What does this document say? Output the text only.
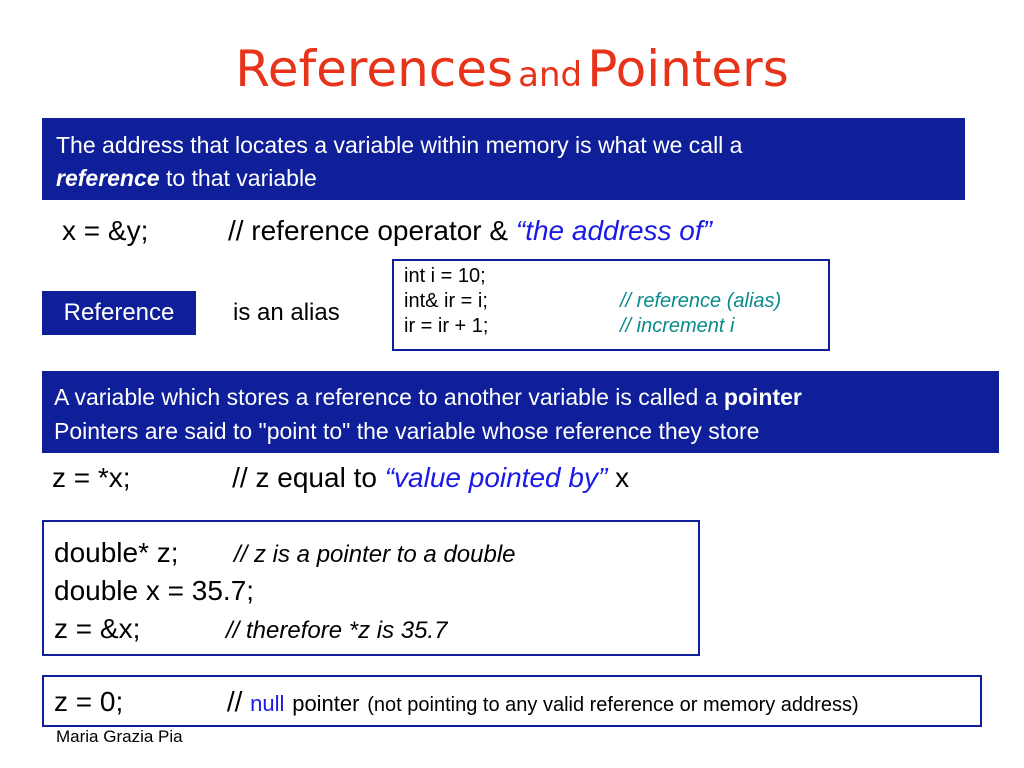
References and Pointers
The address that locates a variable within memory is what we call a
reference to that variable
x = &y;	// reference operator & “the address of”
Reference	is an alias
int i = 10;
int& ir = i;	// reference (alias)
ir = ir + 1;	// increment i
A variable which stores a reference to another variable is called a pointer
Pointers are said to "point to" the variable whose reference they store
z = *x;	// z equal to “value pointed by” x
double* z; // z is a pointer to a double
double x = 35.7;
z = &x;	// therefore *z is 35.7
z = 0;	// null pointer (not pointing to any valid reference or memory address)
Maria Grazia Pia
